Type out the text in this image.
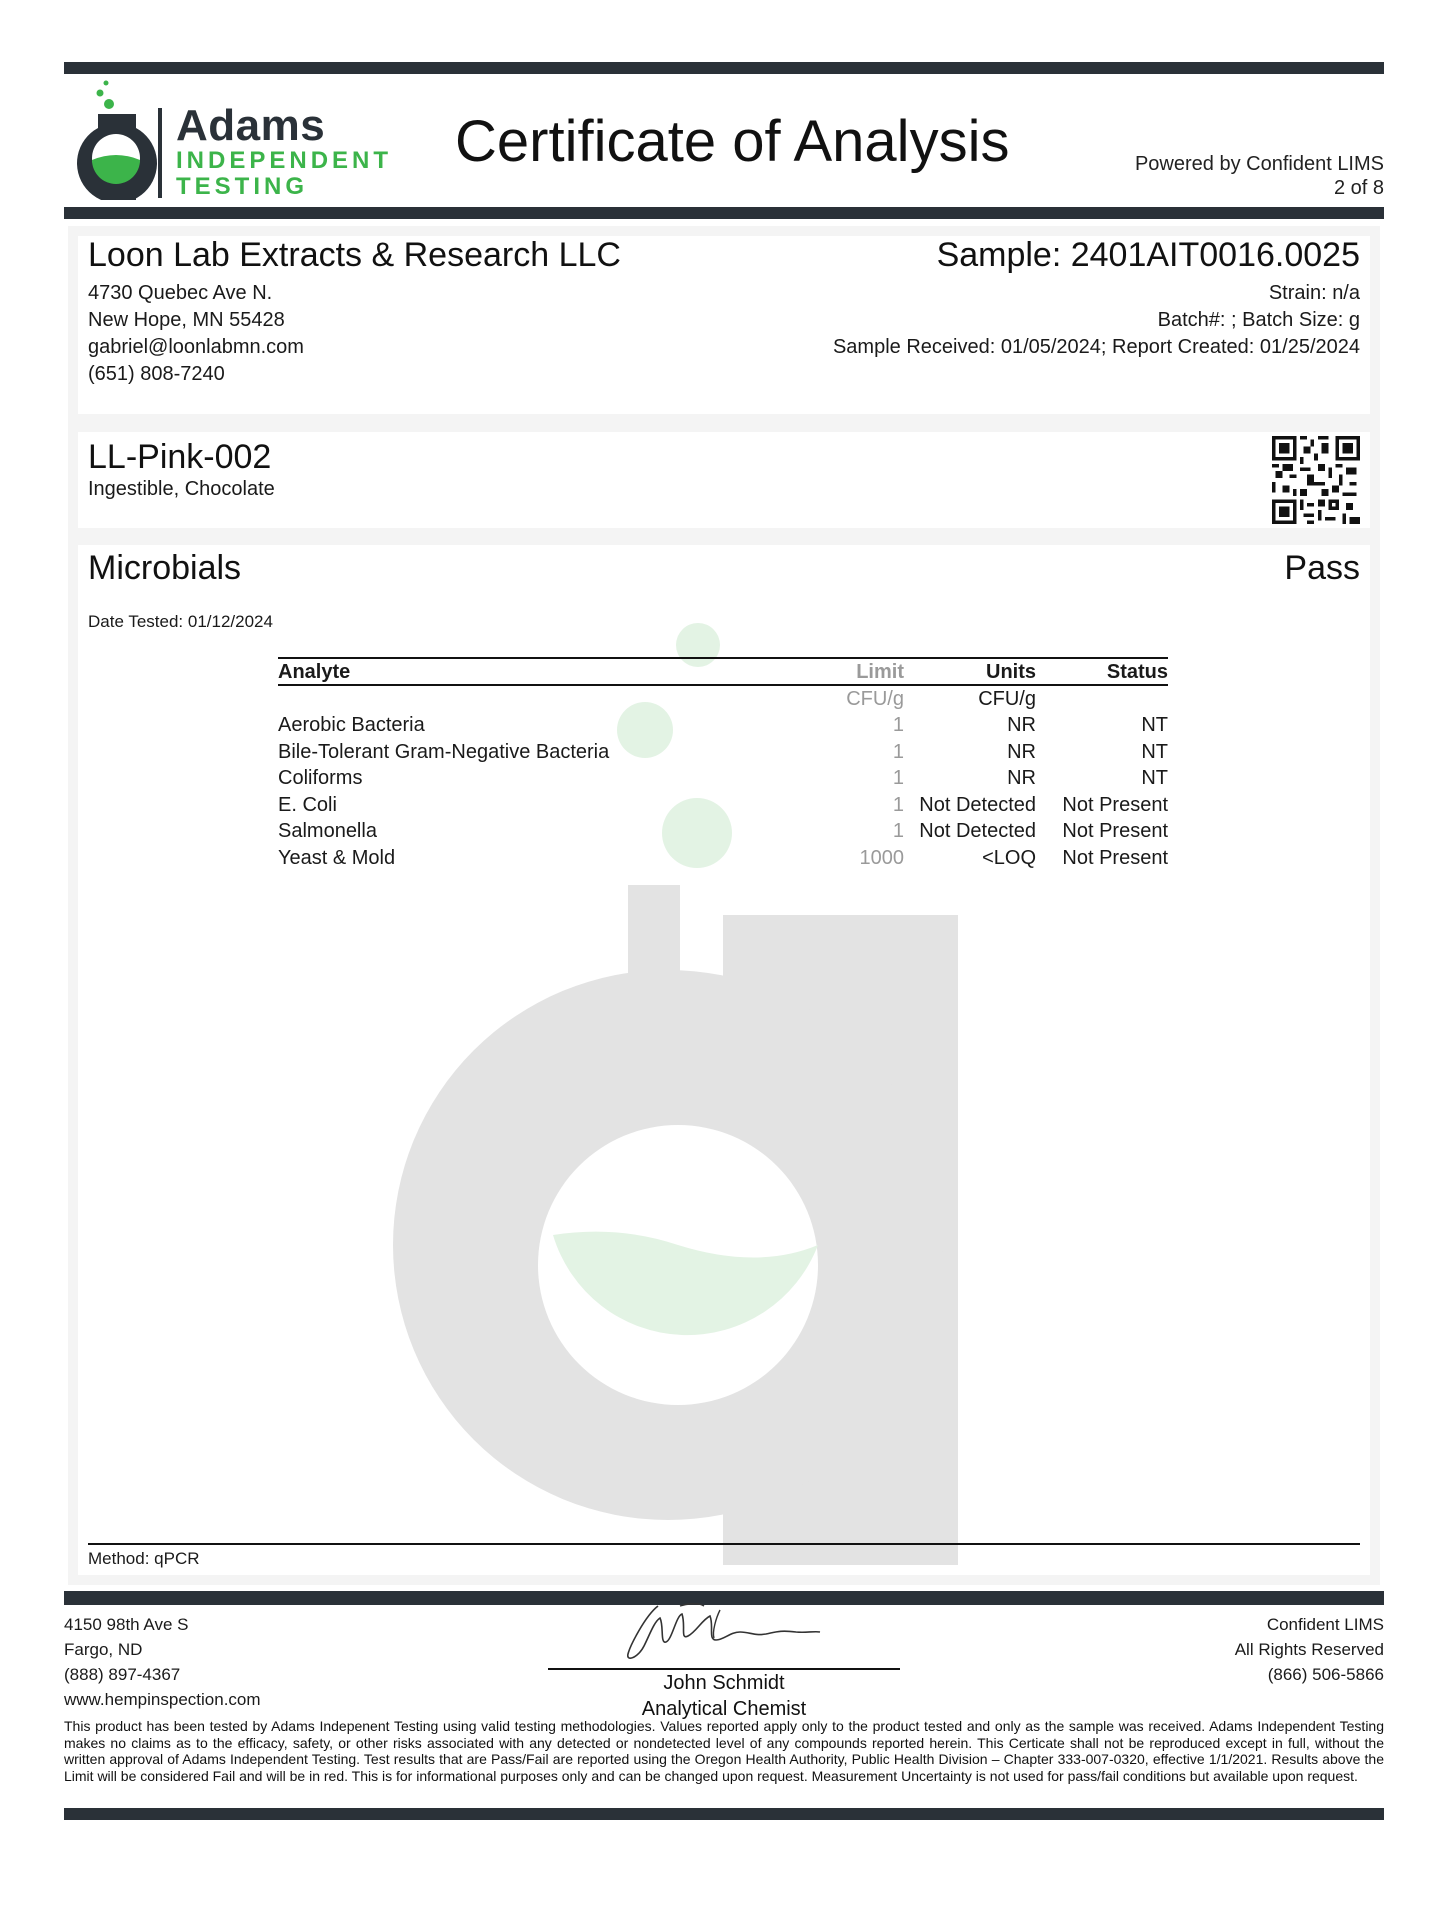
Adams
INDEPENDENT
TESTING
Certificate of Analysis	Powered by Confident LIMS
2 of 8
Loon Lab Extracts & Research LLC
4730 Quebec Ave N.
New Hope, MN 55428
gabriel@loonlabmn.com
(651) 808-7240
Sample: 2401AIT0016.0025
Strain: n/a
Batch#: ; Batch Size: g
Sample Received: 01/05/2024; Report Created: 01/25/2024
LL-Pink-002
Ingestible, Chocolate
Microbials	Pass
Date Tested: 01/12/2024
Analyte	Limit	Units	Status
	CFU/g	CFU/g	
Aerobic Bacteria	1	NR	NT
Bile-Tolerant Gram-Negative Bacteria	1	NR	NT
Coliforms	1	NR	NT
E. Coli	1	Not Detected	Not Present
Salmonella	1	Not Detected	Not Present
Yeast & Mold	1000	<LOQ	Not Present
Method: qPCR
4150 98th Ave S
Fargo, ND
(888) 897-4367
www.hempinspection.com
John Schmidt
Analytical Chemist
Confident LIMS
All Rights Reserved
(866) 506-5866
This product has been tested by Adams Indepenent Testing using valid testing methodologies. Values reported apply only to the product tested and only as the sample was received. Adams Independent Testing makes no claims as to the efficacy, safety, or other risks associated with any detected or nondetected level of any compounds reported herein. This Certicate shall not be reproduced except in full, without the written approval of Adams Independent Testing. Test results that are Pass/Fail are reported using the Oregon Health Authority, Public Health Division – Chapter 333-007-0320, effective 1/1/2021. Results above the Limit will be considered Fail and will be in red. This is for informational purposes only and can be changed upon request. Measurement Uncertainty is not used for pass/fail conditions but available upon request.
